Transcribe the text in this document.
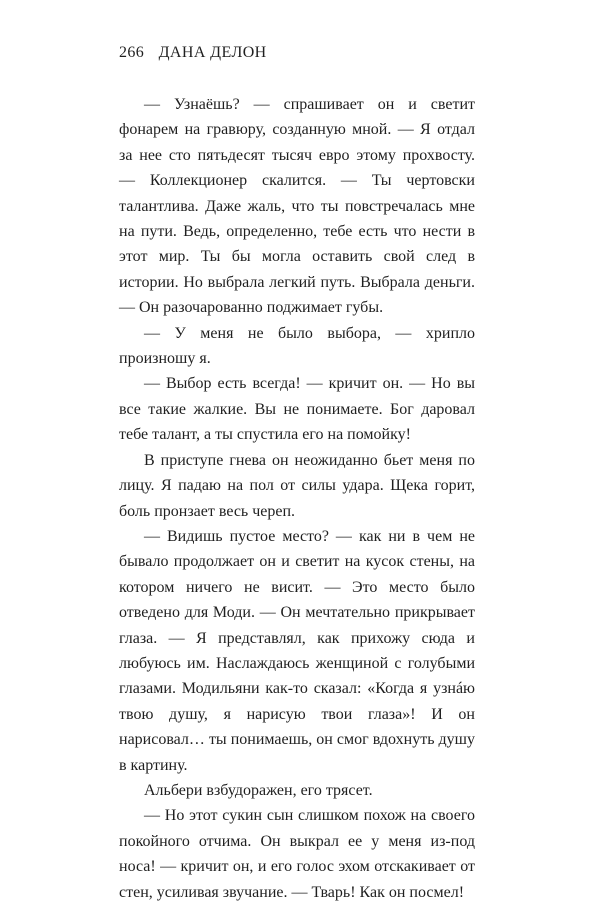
266 ДАНА ДЕЛОН

— Узнаёшь? — спрашивает он и светит фонарем на гравюру, созданную мной. — Я отдал за нее сто пятьдесят тысяч евро этому прохвосту. — Коллекционер скалится. — Ты чертовски талантлива. Даже жаль, что ты повстречалась мне на пути. Ведь, определенно, тебе есть что нести в этот мир. Ты бы могла оставить свой след в истории. Но выбрала легкий путь. Выбрала деньги. — Он разочарованно поджимает губы.

— У меня не было выбора, — хрипло произношу я.

— Выбор есть всегда! — кричит он. — Но вы все такие жалкие. Вы не понимаете. Бог даровал тебе талант, а ты спустила его на помойку!

В приступе гнева он неожиданно бьет меня по лицу. Я падаю на пол от силы удара. Щека горит, боль пронзает весь череп.

— Видишь пустое место? — как ни в чем не бывало продолжает он и светит на кусок стены, на котором ничего не висит. — Это место было отведено для Моди. — Он мечтательно прикрывает глаза. — Я представлял, как прихожу сюда и любуюсь им. Наслаждаюсь женщиной с голубыми глазами. Модильяни как-то сказал: «Когда я узнáю твою душу, я нарисую твои глаза»! И он нарисовал… ты понимаешь, он смог вдохнуть душу в картину.

Альбери взбудоражен, его трясет.

— Но этот сукин сын слишком похож на своего покойного отчима. Он выкрал ее у меня из-под носа! — кричит он, и его голос эхом отскакивает от стен, усиливая звучание. — Тварь! Как он посмел!
